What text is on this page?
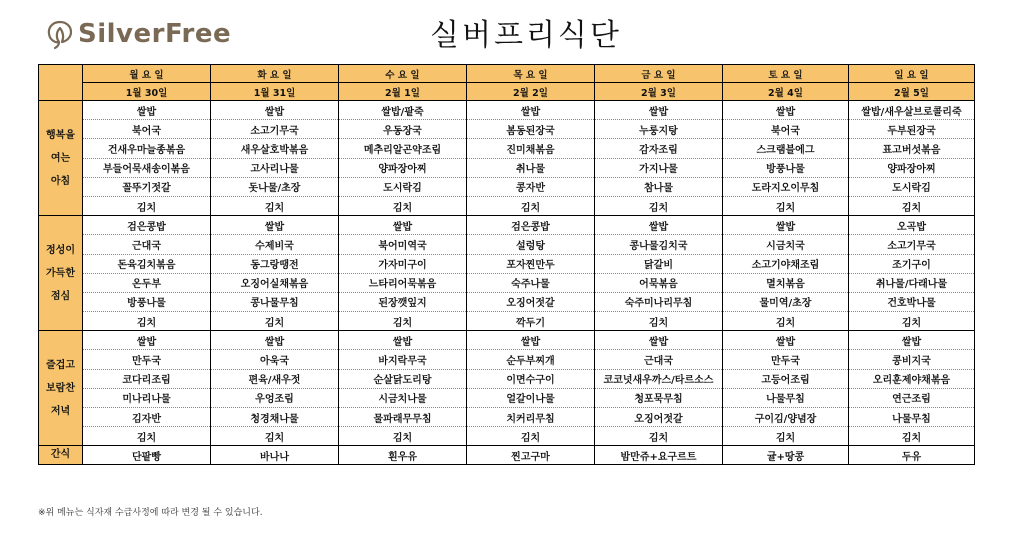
SilverFree	실버프리식단
	월 요 일	화 요 일	수 요 일	목 요 일	금 요 일	토 요 일	일 요 일
	1월 30일	1월 31일	2월 1일	2월 2일	2월 3일	2월 4일	2월 5일

행복을
여는
아침	쌀밥	쌀밥	쌀밥/팥죽	쌀밥	쌀밥	쌀밥	쌀밥/새우살브로콜리죽
	북어국	소고기무국	우동장국	봄동된장국	누룽지탕	북어국	두부된장국
	건새우마늘종볶음	새우살호박볶음	메추리알곤약조림	진미채볶음	감자조림	스크램블에그	표고버섯볶음
	부들어묵새송이볶음	고사리나물	양파장아찌	취나물	가지나물	방풍나물	양파장아찌
	꼴뚜기젓갈	돗나물/초장	도시락김	콩자반	참나물	도라지오이무침	도시락김
	김치	김치	김치	김치	김치	김치	김치

정성이
가득한
점심	검은콩밥	쌀밥	쌀밥	검은콩밥	쌀밥	쌀밥	오곡밥
	근대국	수제비국	북어미역국	설렁탕	콩나물김치국	시금치국	소고기무국
	돈육김치볶음	동그랑땡전	가자미구이	포자찐만두	닭갈비	소고기야채조림	조기구이
	온두부	오징어실채볶음	느타리어묵볶음	숙주나물	어묵볶음	멸치볶음	취나물/다래나물
	방풍나물	콩나물무침	된장깻잎지	오징어젓갈	숙주미나리무침	물미역/초장	건호박나물
	김치	김치	김치	깍두기	김치	김치	김치

즐겁고
보람찬
저녁	쌀밥	쌀밥	쌀밥	쌀밥	쌀밥	쌀밥	쌀밥
	만두국	아욱국	바지락무국	순두부찌개	근대국	만두국	콩비지국
	코다리조림	편육/새우젓	순살닭도리탕	이면수구이	코코넛새우까스/타르소스	고등어조림	오리훈제야채볶음
	미나리나물	우엉조림	시금치나물	얼갈이나물	청포묵무침	나물무침	연근조림
	김자반	청경채나물	물파래무무침	치커리무침	오징어젓갈	구이김/양념장	나물무침
	김치	김치	김치	김치	김치	김치	김치
간식	단팥빵	바나나	흰우유	찐고구마	밤만쥬+요구르트	귤+땅콩	두유
※위 메뉴는 식자재 수급사정에 따라 변경 될 수 있습니다.
